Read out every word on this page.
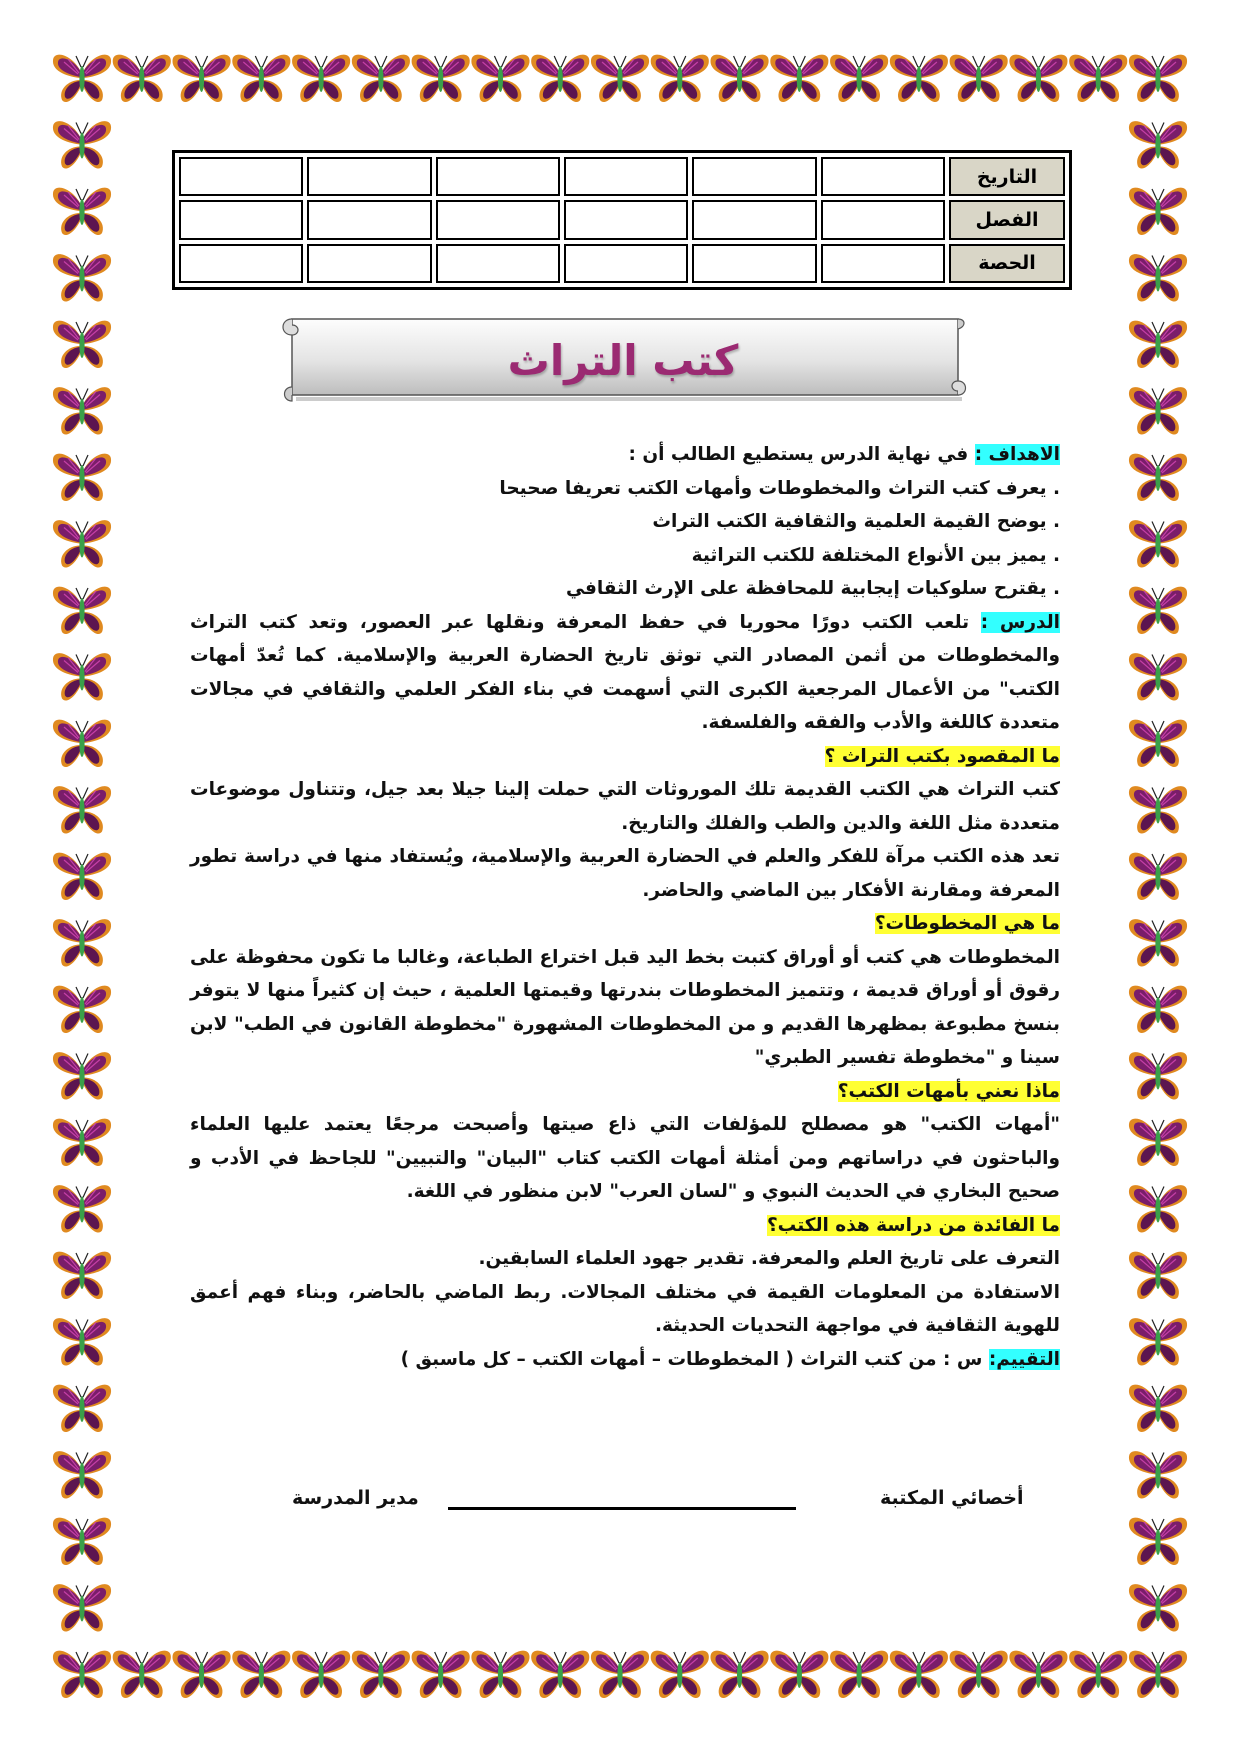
التاريخ						
الفصل						
الحصة						
كتب التراث

الاهداف : في نهاية الدرس يستطيع الطالب أن :

. يعرف كتب التراث والمخطوطات وأمهات الكتب تعريفا صحيحا

. يوضح القيمة العلمية والثقافية الكتب التراث

. يميز بين الأنواع المختلفة للكتب التراثية

. يقترح سلوكيات إيجابية للمحافظة على الإرث الثقافي

الدرس : تلعب الكتب دورًا محوريا في حفظ المعرفة ونقلها عبر العصور، وتعد كتب التراث والمخطوطات من أثمن المصادر التي توثق تاريخ الحضارة العربية والإسلامية. كما تُعدّ أمهات الكتب" من الأعمال المرجعية الكبرى التي أسهمت في بناء الفكر العلمي والثقافي في مجالات متعددة كاللغة والأدب والفقه والفلسفة.

ما المقصود بكتب التراث ؟

كتب التراث هي الكتب القديمة تلك الموروثات التي حملت إلينا جيلا بعد جيل، وتتناول موضوعات متعددة مثل اللغة والدين والطب والفلك والتاريخ.

تعد هذه الكتب مرآة للفكر والعلم في الحضارة العربية والإسلامية، ويُستفاد منها في دراسة تطور المعرفة ومقارنة الأفكار بين الماضي والحاضر.

ما هي المخطوطات؟

المخطوطات هي كتب أو أوراق كتبت بخط اليد قبل اختراع الطباعة، وغالبا ما تكون محفوظة على رقوق أو أوراق قديمة ، وتتميز المخطوطات بندرتها وقيمتها العلمية ، حيث إن كثيراً منها لا يتوفر بنسخ مطبوعة بمظهرها القديم و من المخطوطات المشهورة "مخطوطة القانون في الطب" لابن سينا و "مخطوطة تفسير الطبري"

ماذا نعني بأمهات الكتب؟

"أمهات الكتب" هو مصطلح للمؤلفات التي ذاع صيتها وأصبحت مرجعًا يعتمد عليها العلماء والباحثون في دراساتهم ومن أمثلة أمهات الكتب كتاب "البيان" والتبيين" للجاحظ في الأدب و صحيح البخاري في الحديث النبوي و "لسان العرب" لابن منظور في اللغة.

ما الفائدة من دراسة هذه الكتب؟

التعرف على تاريخ العلم والمعرفة. تقدير جهود العلماء السابقين.

الاستفادة من المعلومات القيمة في مختلف المجالات. ربط الماضي بالحاضر، وبناء فهم أعمق للهوية الثقافية في مواجهة التحديات الحديثة.

التقييم: س : من كتب التراث ( المخطوطات – أمهات الكتب – كل ماسبق )

أخصائي المكتبة
مدير المدرسة
